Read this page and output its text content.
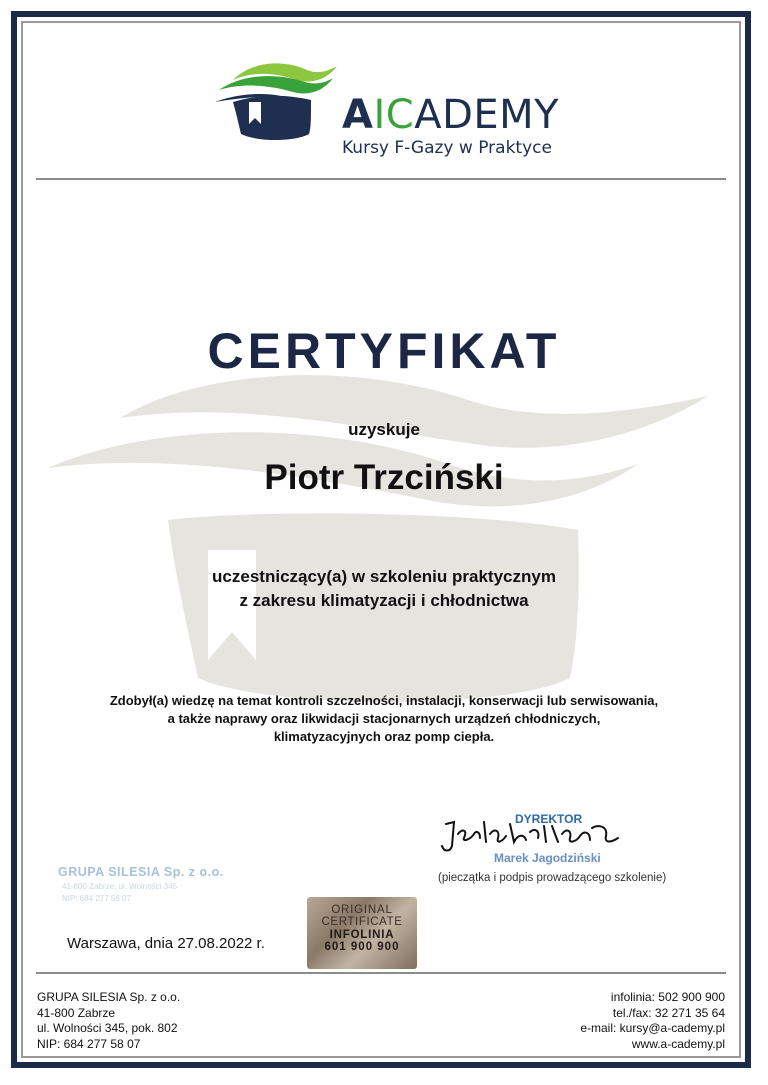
AICADEMY
Kursy F-Gazy w Praktyce
CERTYFIKAT
uzyskuje
Piotr Trzciński
uczestniczący(a) w szkoleniu praktycznym
z zakresu klimatyzacji i chłodnictwa
Zdobył(a) wiedzę na temat kontroli szczelności, instalacji, konserwacji lub serwisowania,
a także naprawy oraz likwidacji stacjonarnych urządzeń chłodniczych,
klimatyzacyjnych oraz pomp ciepła.
DYREKTOR
Marek Jagodziński
(pieczątka i podpis prowadzącego szkolenie)
GRUPA SILESIA Sp. z o.o.
41-800 Zabrze, ul. Wolności 345
NIP: 684 277 58 07
ORIGINAL
CERTIFICATE
INFOLINIA
601 900 900
Warszawa, dnia 27.08.2022 r.
GRUPA SILESIA Sp. z o.o.
41-800 Zabrze
ul. Wolności 345, pok. 802
NIP: 684 277 58 07
infolinia: 502 900 900
tel./fax: 32 271 35 64
e-mail: kursy@a-cademy.pl
www.a-cademy.pl
